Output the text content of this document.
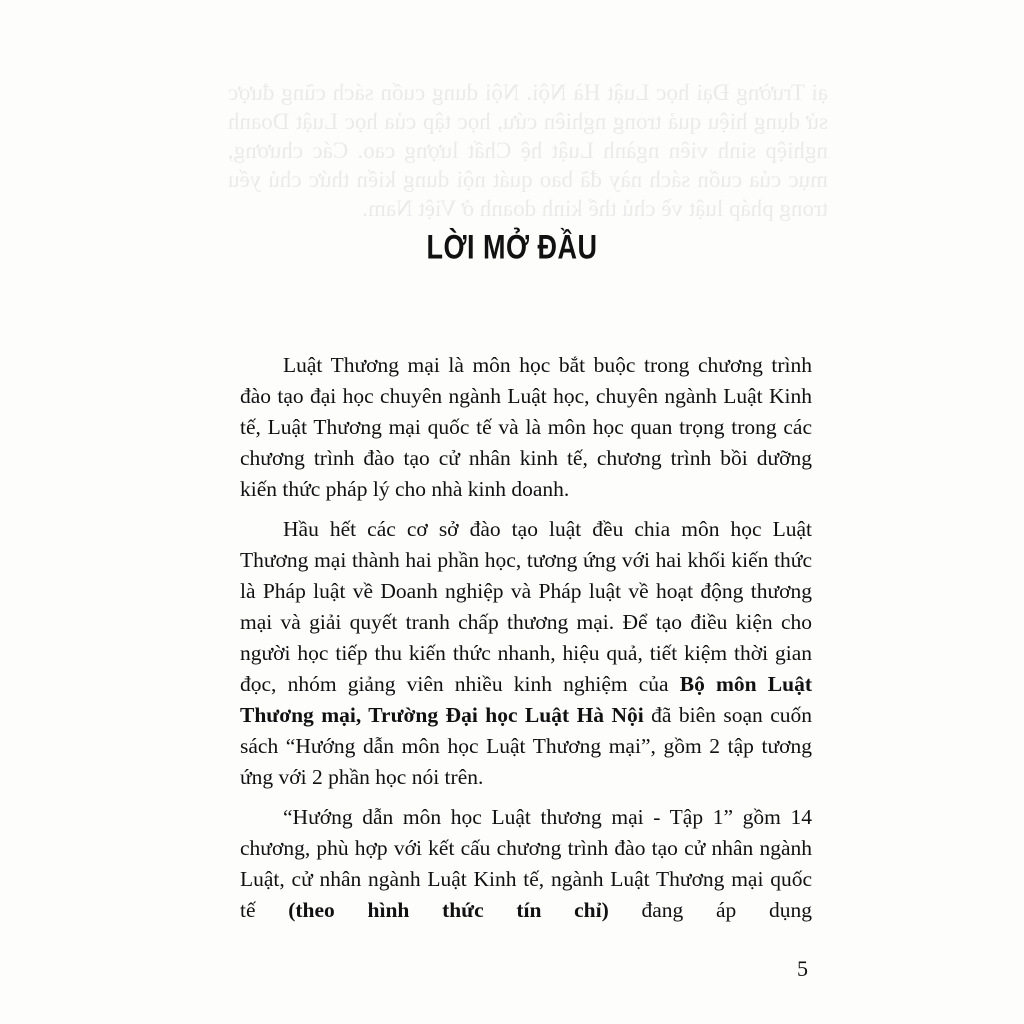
ại Trường Đại học Luật Hà Nội. Nội dung cuốn sách cũng được sử dụng hiệu quả trong nghiên cứu, học tập của học Luật Doanh nghiệp sinh viên ngành Luật hệ Chất lượng cao. Các chương, mục của cuốn sách này đã bao quát nội dung kiến thức chủ yếu trong pháp luật về chủ thể kinh doanh ở Việt Nam.
LỜI MỞ ĐẦU

Luật Thương mại là môn học bắt buộc trong chương trình đào tạo đại học chuyên ngành Luật học, chuyên ngành Luật Kinh tế, Luật Thương mại quốc tế và là môn học quan trọng trong các chương trình đào tạo cử nhân kinh tế, chương trình bồi dưỡng kiến thức pháp lý cho nhà kinh doanh.

Hầu hết các cơ sở đào tạo luật đều chia môn học Luật Thương mại thành hai phần học, tương ứng với hai khối kiến thức là Pháp luật về Doanh nghiệp và Pháp luật về hoạt động thương mại và giải quyết tranh chấp thương mại. Để tạo điều kiện cho người học tiếp thu kiến thức nhanh, hiệu quả, tiết kiệm thời gian đọc, nhóm giảng viên nhiều kinh nghiệm của Bộ môn Luật Thương mại, Trường Đại học Luật Hà Nội đã biên soạn cuốn sách “Hướng dẫn môn học Luật Thương mại”, gồm 2 tập tương ứng với 2 phần học nói trên.

“Hướng dẫn môn học Luật thương mại - Tập 1” gồm 14 chương, phù hợp với kết cấu chương trình đào tạo cử nhân ngành Luật, cử nhân ngành Luật Kinh tế, ngành Luật Thương mại quốc tế (theo hình thức tín chỉ) đang áp dụng

5
